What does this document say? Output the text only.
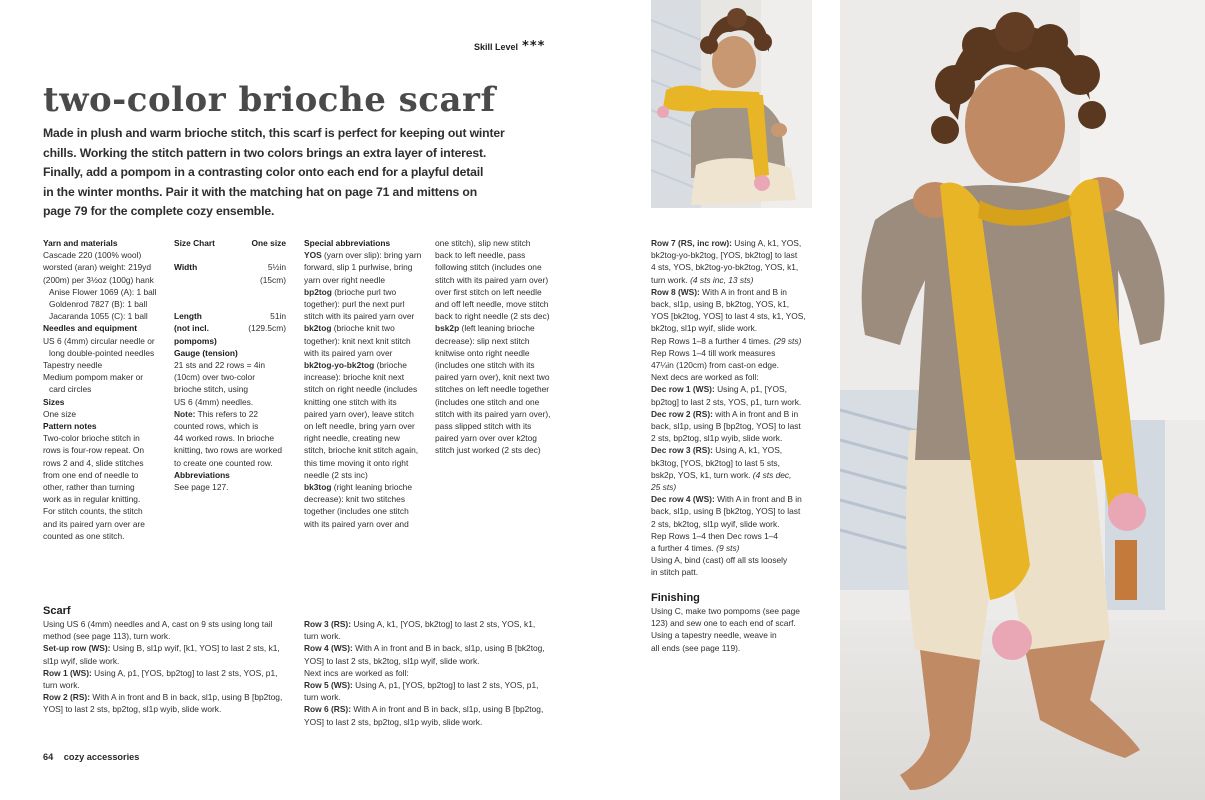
Skill Level ***
two-color brioche scarf
Made in plush and warm brioche stitch, this scarf is perfect for keeping out winter
chills. Working the stitch pattern in two colors brings an extra layer of interest.
Finally, add a pompom in a contrasting color onto each end for a playful detail
in the winter months. Pair it with the matching hat on page 71 and mittens on
page 79 for the complete cozy ensemble.
Yarn and materials
Cascade 220 (100% wool)
worsted (aran) weight: 219yd
(200m) per 3½oz (100g) hank
Anise Flower 1069 (A): 1 ball
Goldenrod 7827 (B): 1 ball
Jacaranda 1055 (C): 1 ball
Needles and equipment
US 6 (4mm) circular needle or
long double-pointed needles
Tapestry needle
Medium pompom maker or
card circles
Sizes
One size
Pattern notes
Two-color brioche stitch in
rows is four-row repeat. On
rows 2 and 4, slide stitches
from one end of needle to
other, rather than turning
work as in regular knitting.
For stitch counts, the stitch
and its paired yarn over are
counted as one stitch.
Size Chart	One size
Width	5½in
(15cm)
Length	51in
(not incl.	(129.5cm)
pompoms)
Gauge (tension)
21 sts and 22 rows = 4in
(10cm) over two-color
brioche stitch, using
US 6 (4mm) needles.
Note: This refers to 22
counted rows, which is
44 worked rows. In brioche
knitting, two rows are worked
to create one counted row.
Abbreviations
See page 127.
Special abbreviations
YOS (yarn over slip): bring yarn
forward, slip 1 purlwise, bring
yarn over right needle
bp2tog (brioche purl two
together): purl the next purl
stitch with its paired yarn over
bk2tog (brioche knit two
together): knit next knit stitch
with its paired yarn over
bk2tog-yo-bk2tog (brioche
increase): brioche knit next
stitch on right needle (includes
knitting one stitch with its
paired yarn over), leave stitch
on left needle, bring yarn over
right needle, creating new
stitch, brioche knit stitch again,
this time moving it onto right
needle (2 sts inc)
bk3tog (right leaning brioche
decrease): knit two stitches
together (includes one stitch
with its paired yarn over and
one stitch), slip new stitch
back to left needle, pass
following stitch (includes one
stitch with its paired yarn over)
over first stitch on left needle
and off left needle, move stitch
back to right needle (2 sts dec)
bsk2p (left leaning brioche
decrease): slip next stitch
knitwise onto right needle
(includes one stitch with its
paired yarn over), knit next two
stitches on left needle together
(includes one stitch and one
stitch with its paired yarn over),
pass slipped stitch with its
paired yarn over over k2tog
stitch just worked (2 sts dec)
Row 7 (RS, inc row): Using A, k1, YOS,
bk2tog-yo-bk2tog, [YOS, bk2tog] to last
4 sts, YOS, bk2tog-yo-bk2tog, YOS, k1,
turn work. (4 sts inc, 13 sts)
Row 8 (WS): With A in front and B in
back, sl1p, using B, bk2tog, YOS, k1,
YOS [bk2tog, YOS] to last 4 sts, k1, YOS,
bk2tog, sl1p wyif, slide work.
Rep Rows 1–8 a further 4 times. (29 sts)
Rep Rows 1–4 till work measures
47¼in (120cm) from cast-on edge.
Next decs are worked as foll:
Dec row 1 (WS): Using A, p1, [YOS,
bp2tog] to last 2 sts, YOS, p1, turn work.
Dec row 2 (RS): with A in front and B in
back, sl1p, using B [bp2tog, YOS] to last
2 sts, bp2tog, sl1p wyib, slide work.
Dec row 3 (RS): Using A, k1, YOS,
bk3tog, [YOS, bk2tog] to last 5 sts,
bsk2p, YOS, k1, turn work. (4 sts dec,
25 sts)
Dec row 4 (WS): With A in front and B in
back, sl1p, using B [bk2tog, YOS] to last
2 sts, bk2tog, sl1p wyif, slide work.
Rep Rows 1–4 then Dec rows 1–4
a further 4 times. (9 sts)
Using A, bind (cast) off all sts loosely
in stitch patt.
Scarf
Using US 6 (4mm) needles and A, cast on 9 sts using long tail
method (see page 113), turn work.
Set-up row (WS): Using B, sl1p wyif, [k1, YOS] to last 2 sts, k1,
sl1p wyif, slide work.
Row 1 (WS): Using A, p1, [YOS, bp2tog] to last 2 sts, YOS, p1,
turn work.
Row 2 (RS): With A in front and B in back, sl1p, using B [bp2tog,
YOS] to last 2 sts, bp2tog, sl1p wyib, slide work.
Row 3 (RS): Using A, k1, [YOS, bk2tog] to last 2 sts, YOS, k1,
turn work.
Row 4 (WS): With A in front and B in back, sl1p, using B [bk2tog,
YOS] to last 2 sts, bk2tog, sl1p wyif, slide work.
Next incs are worked as foll:
Row 5 (WS): Using A, p1, [YOS, bp2tog] to last 2 sts, YOS, p1,
turn work.
Row 6 (RS): With A in front and B in back, sl1p, using B [bp2tog,
YOS] to last 2 sts, bp2tog, sl1p wyib, slide work.
Finishing
Using C, make two pompoms (see page
123) and sew one to each end of scarf.
Using a tapestry needle, weave in
all ends (see page 119).
64 cozy accessories
